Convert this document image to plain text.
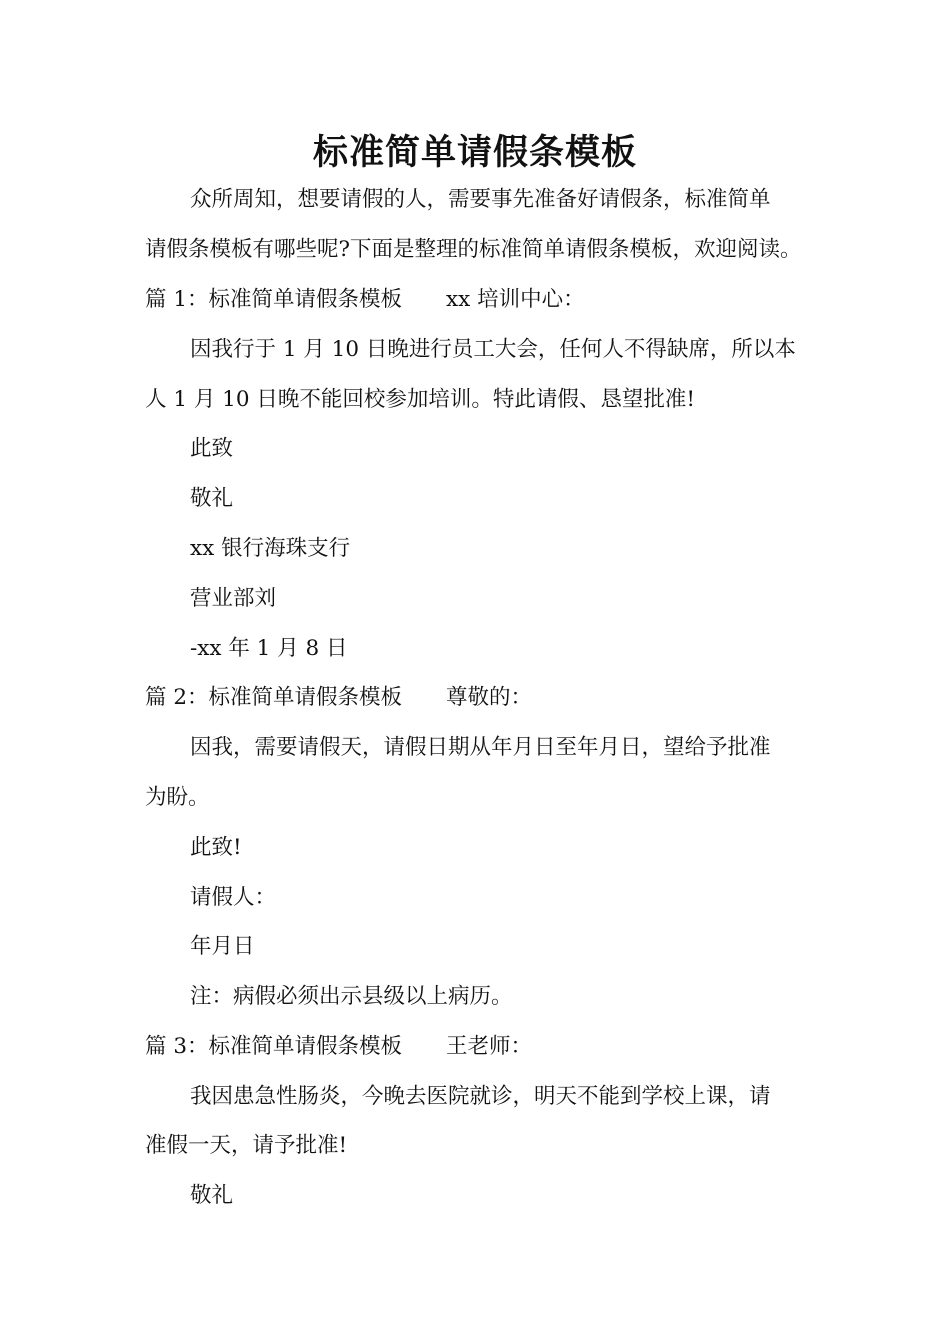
标准简单请假条模板
众所周知，想要请假的人，需要事先准备好请假条，标准简单
请假条模板有哪些呢?下面是整理的标准简单请假条模板，欢迎阅读。
篇 1：标准简单请假条模板 xx 培训中心：
因我行于 1 月 10 日晚进行员工大会，任何人不得缺席，所以本
人 1 月 10 日晚不能回校参加培训。特此请假、恳望批准!
此致
敬礼
xx 银行海珠支行
营业部刘
-xx 年 1 月 8 日
篇 2：标准简单请假条模板 尊敬的：
因我，需要请假天，请假日期从年月日至年月日，望给予批准
为盼。
此致!
请假人：
年月日
注：病假必须出示县级以上病历。
篇 3：标准简单请假条模板 王老师：
我因患急性肠炎，今晚去医院就诊，明天不能到学校上课，请
准假一天，请予批准!
敬礼
